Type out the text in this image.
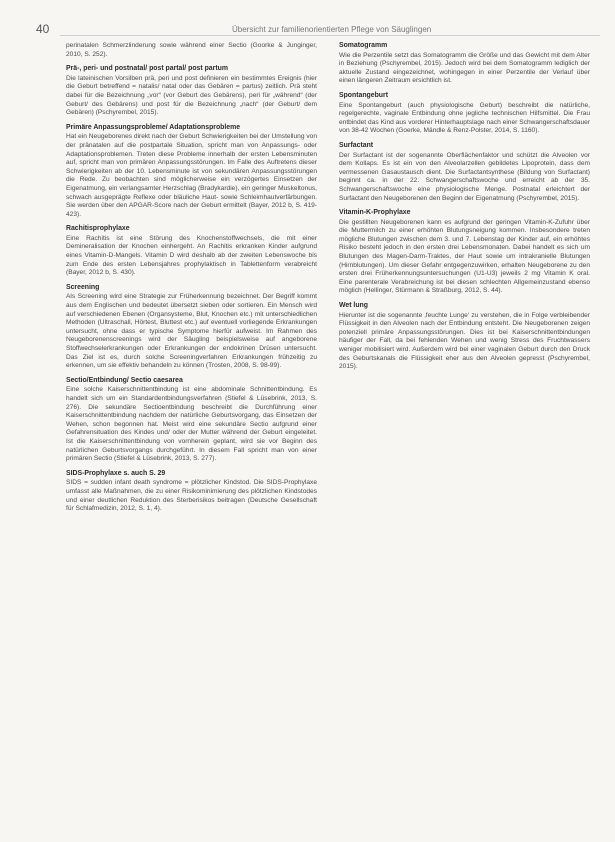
40	Übersicht zur familienorientierten Pflege von Säuglingen

perinatalen Schmerzlinderung sowie während einer Sectio (Goorke & Junginger, 2010, S. 252).

Prä-, peri- und postnatal/ post partal/ post partum

Die lateinischen Vorsilben prä, peri und post definieren ein bestimmtes Ereignis (hier die Geburt betreffend = natalis/ natal oder das Gebären = partus) zeitlich. Prä steht dabei für die Bezeichnung „vor“ (vor Geburt des Gebärens), peri für „während“ (der Geburt/ des Gebärens) und post für die Bezeichnung „nach“ (der Geburt/ dem Gebären) (Pschyrembel, 2015).

Primäre Anpassungsprobleme/ Adaptationsprobleme

Hat ein Neugeborenes direkt nach der Geburt Schwierigkeiten bei der Umstellung von der pränatalen auf die postpartale Situation, spricht man von Anpassungs- oder Adaptationsproblemen. Treten diese Probleme innerhalb der ersten Lebensminuten auf, spricht man von primären Anpassungsstörungen. Im Falle des Auftretens dieser Schwierigkeiten ab der 10. Lebensminute ist von sekundären Anpassungsstörungen die Rede. Zu beobachten sind möglicherweise ein verzögertes Einsetzen der Eigenatmung, ein verlangsamter Herzschlag (Bradykardie), ein geringer Muskeltonus, schwach ausgeprägte Reflexe oder bläuliche Haut- sowie Schleimhautverfärbungen. Sie werden über den APGAR-Score nach der Geburt ermittelt (Bayer, 2012 b, S. 419-423).

Rachitisprophylaxe

Eine Rachitis ist eine Störung des Knochenstoffwechsels, die mit einer Demineralisation der Knochen einhergeht. An Rachitis erkranken Kinder aufgrund eines Vitamin-D-Mangels. Vitamin D wird deshalb ab der zweiten Lebenswoche bis zum Ende des ersten Lebensjahres prophylaktisch in Tablettenform verabreicht (Bayer, 2012 b, S. 430).

Screening

Als Screening wird eine Strategie zur Früherkennung bezeichnet. Der Begriff kommt aus dem Englischen und bedeutet übersetzt sieben oder sortieren. Ein Mensch wird auf verschiedenen Ebenen (Organsysteme, Blut, Knochen etc.) mit unterschiedlichen Methoden (Ultraschall, Hörtest, Bluttest etc.) auf eventuell vorliegende Erkrankungen untersucht, ohne dass er typische Symptome hierfür aufweist. Im Rahmen des Neugeborenenscreenings wird der Säugling beispielsweise auf angeborene Stoffwechselerkrankungen oder Erkrankungen der endokrinen Drüsen untersucht. Das Ziel ist es, durch solche Screeningverfahren Erkrankungen frühzeitig zu erkennen, um sie effektiv behandeln zu können (Trosten, 2008, S. 98-99).

Sectio/Entbindung/ Sectio caesarea

Eine solche Kaiserschnittentbindung ist eine abdominale Schnittentbindung. Es handelt sich um ein Standardentbindungsverfahren (Stiefel & Lüsebrink, 2013, S. 276). Die sekundäre Sectioentbindung beschreibt die Durchführung einer Kaiserschnittentbindung nachdem der natürliche Geburtsvorgang, das Einsetzen der Wehen, schon begonnen hat. Meist wird eine sekundäre Sectio aufgrund einer Gefahrensituation des Kindes und/ oder der Mutter während der Geburt eingeleitet. Ist die Kaiserschnittentbindung von vornherein geplant, wird sie vor Beginn des natürlichen Geburtsvorgangs durchgeführt. In diesem Fall spricht man von einer primären Sectio (Stiefel & Lüsebrink, 2013, S. 277).

SIDS-Prophylaxe s. auch S. 29

SIDS = sudden infant death syndrome = plötzlicher Kindstod. Die SIDS-Prophylaxe umfasst alle Maßnahmen, die zu einer Risikominimierung des plötzlichen Kindstodes und einer deutlichen Reduktion des Sterberisikos beitragen (Deutsche Gesellschaft für Schlafmedizin, 2012, S. 1, 4).

Somatogramm

Wie die Perzentile setzt das Somatogramm die Größe und das Gewicht mit dem Alter in Beziehung (Pschyrembel, 2015). Jedoch wird bei dem Somatogramm lediglich der aktuelle Zustand eingezeichnet, wohingegen in einer Perzentile der Verlauf über einen längeren Zeitraum ersichtlich ist.

Spontangeburt

Eine Spontangeburt (auch physiologische Geburt) beschreibt die natürliche, regelgerechte, vaginale Entbindung ohne jegliche technischen Hilfsmittel. Die Frau entbindet das Kind aus vorderer Hinterhauptslage nach einer Schwangerschaftsdauer von 38-42 Wochen (Goerke, Mändle & Renz-Polster, 2014, S. 1160).

Surfactant

Der Surfactant ist der sogenannte Oberflächenfaktor und schützt die Alveolen vor dem Kollaps. Es ist ein von den Alveolarzellen gebildetes Lipoprotein, dass dem vermessenen Gasaustausch dient. Die Surfactantsynthese (Bildung von Surfactant) beginnt ca. in der 22. Schwangerschaftswoche und erreicht ab der 35. Schwangerschaftswoche eine physiologische Menge. Postnatal erleichtert der Surfactant den Neugeborenen den Beginn der Eigenatmung (Pschyrembel, 2015).

Vitamin-K-Prophylaxe

Die gestillten Neugeborenen kann es aufgrund der geringen Vitamin-K-Zufuhr über die Muttermilch zu einer erhöhten Blutungsneigung kommen. Insbesondere treten mögliche Blutungen zwischen dem 3. und 7. Lebenstag der Kinder auf, ein erhöhtes Risiko besteht jedoch in den ersten drei Lebensmonaten. Dabei handelt es sich um Blutungen des Magen-Darm-Traktes, der Haut sowie um intrakranielle Blutungen (Hirnblutungen). Um dieser Gefahr entgegenzuwirken, erhalten Neugeborene zu den ersten drei Früherkennungsuntersuchungen (U1-U3) jeweils 2 mg Vitamin K oral. Eine parenterale Verabreichung ist bei diesen schlechten Allgemeinzustand ebenso möglich (Hellinger, Stürmann & Straßburg, 2012, S. 44).

Wet lung

Hierunter ist die sogenannte ‚feuchte Lunge‘ zu verstehen, die in Folge verbleibender Flüssigkeit in den Alveolen nach der Entbindung entsteht. Die Neugeborenen zeigen potenziell primäre Anpassungsstörungen. Dies ist bei Kaiserschnittentbindungen häufiger der Fall, da bei fehlenden Wehen und wenig Stress des Fruchtwassers weniger mobilisiert wird. Außerdem wird bei einer vaginalen Geburt durch den Druck des Geburtskanals die Flüssigkeit eher aus den Alveolen gepresst (Pschyrembel, 2015).
